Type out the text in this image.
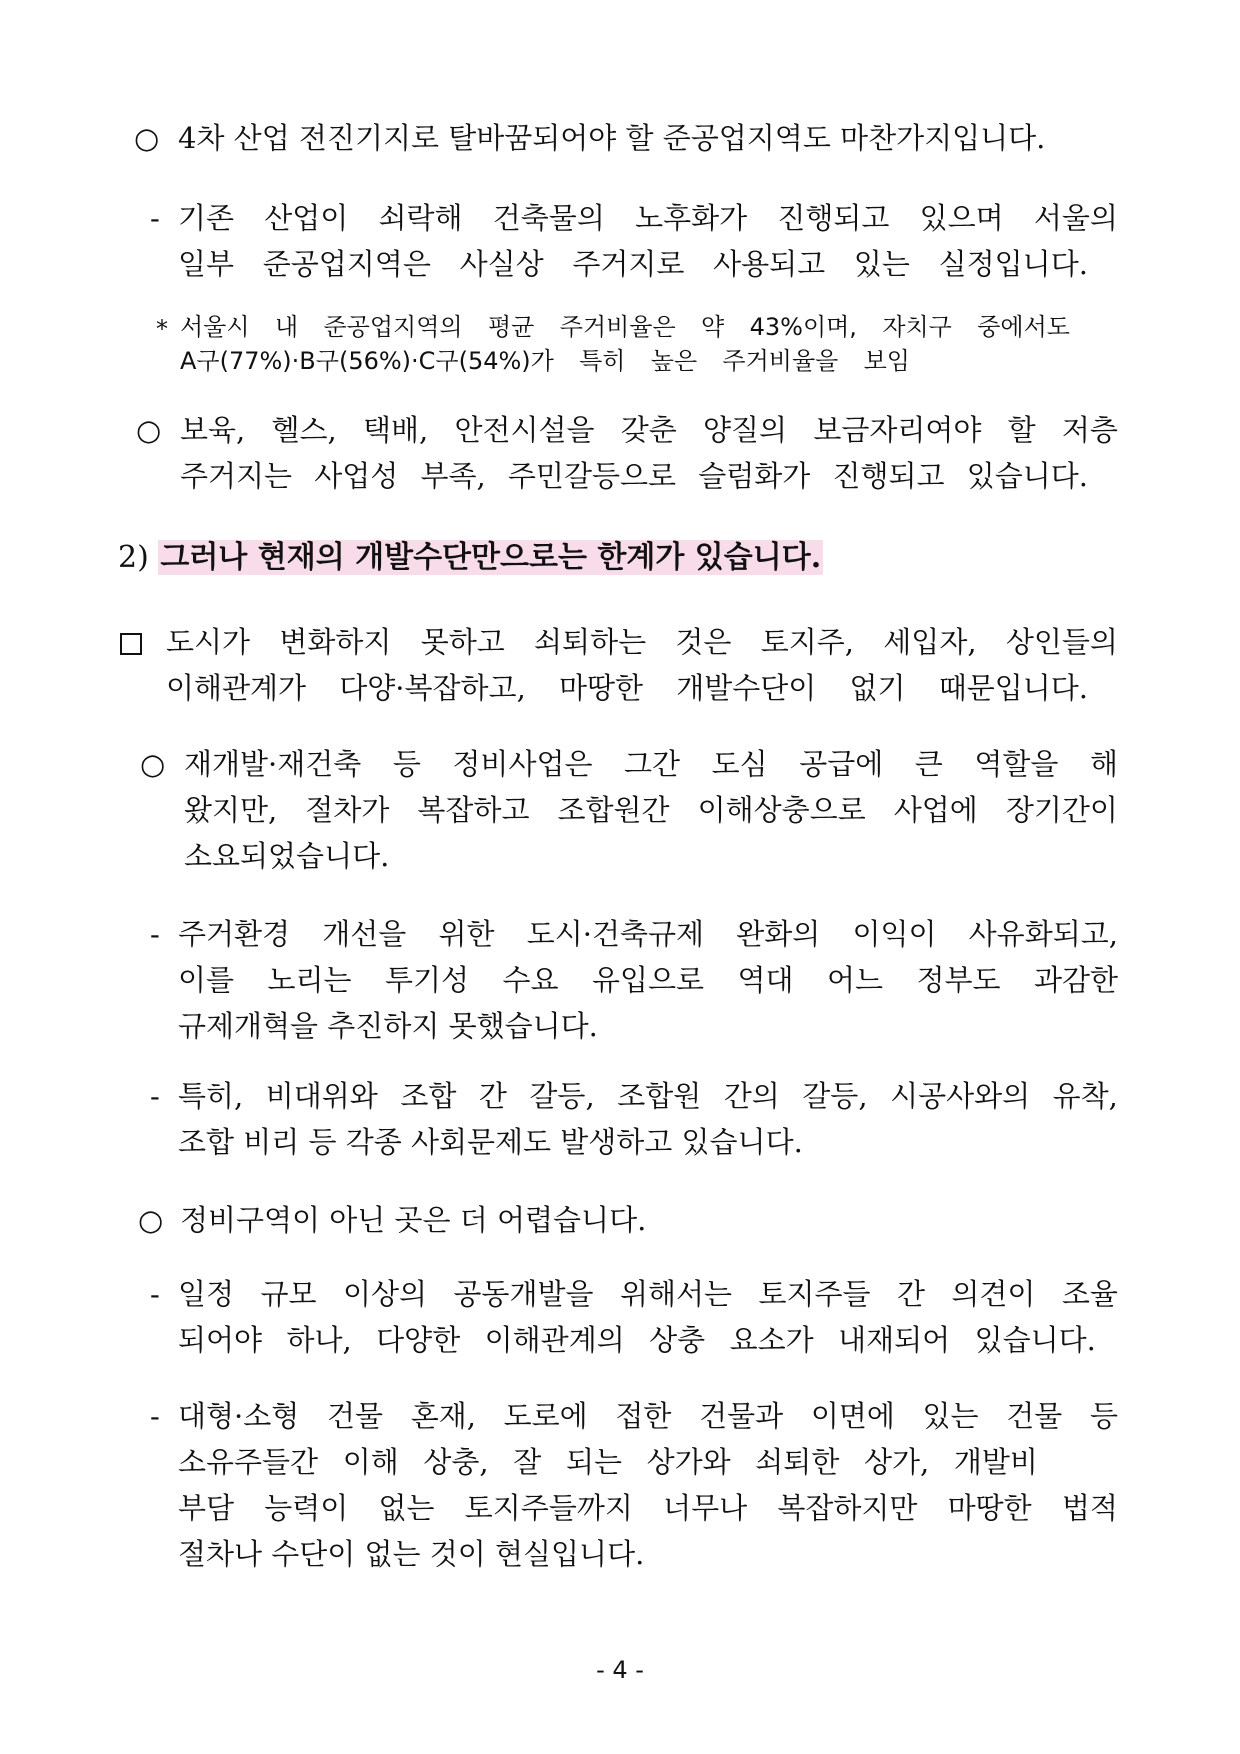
○ 4차 산업 전진기지로 탈바꿈되어야 할 준공업지역도 마찬가지입니다.
- 기존 산업이 쇠락해 건축물의 노후화가 진행되고 있으며 서울의
일부 준공업지역은 사실상 주거지로 사용되고 있는 실정입니다.
* 서울시 내 준공업지역의 평균 주거비율은 약 43%이며, 자치구 중에서도
A구(77%)·B구(56%)·C구(54%)가 특히 높은 주거비율을 보임
○ 보육, 헬스, 택배, 안전시설을 갖춘 양질의 보금자리여야 할 저층
주거지는 사업성 부족, 주민갈등으로 슬럼화가 진행되고 있습니다.
2) 그러나 현재의 개발수단만으로는 한계가 있습니다.
도시가 변화하지 못하고 쇠퇴하는 것은 토지주, 세입자, 상인들의
이해관계가 다양·복잡하고, 마땅한 개발수단이 없기 때문입니다.
○ 재개발·재건축 등 정비사업은 그간 도심 공급에 큰 역할을 해
왔지만, 절차가 복잡하고 조합원간 이해상충으로 사업에 장기간이
소요되었습니다.
- 주거환경 개선을 위한 도시·건축규제 완화의 이익이 사유화되고,
이를 노리는 투기성 수요 유입으로 역대 어느 정부도 과감한
규제개혁을 추진하지 못했습니다.
- 특히, 비대위와 조합 간 갈등, 조합원 간의 갈등, 시공사와의 유착,
조합 비리 등 각종 사회문제도 발생하고 있습니다.
○ 정비구역이 아닌 곳은 더 어렵습니다.
- 일정 규모 이상의 공동개발을 위해서는 토지주들 간 의견이 조율
되어야 하나, 다양한 이해관계의 상충 요소가 내재되어 있습니다.
- 대형·소형 건물 혼재, 도로에 접한 건물과 이면에 있는 건물 등
소유주들간 이해 상충, 잘 되는 상가와 쇠퇴한 상가, 개발비
부담 능력이 없는 토지주들까지 너무나 복잡하지만 마땅한 법적
절차나 수단이 없는 것이 현실입니다.
- 4 -
